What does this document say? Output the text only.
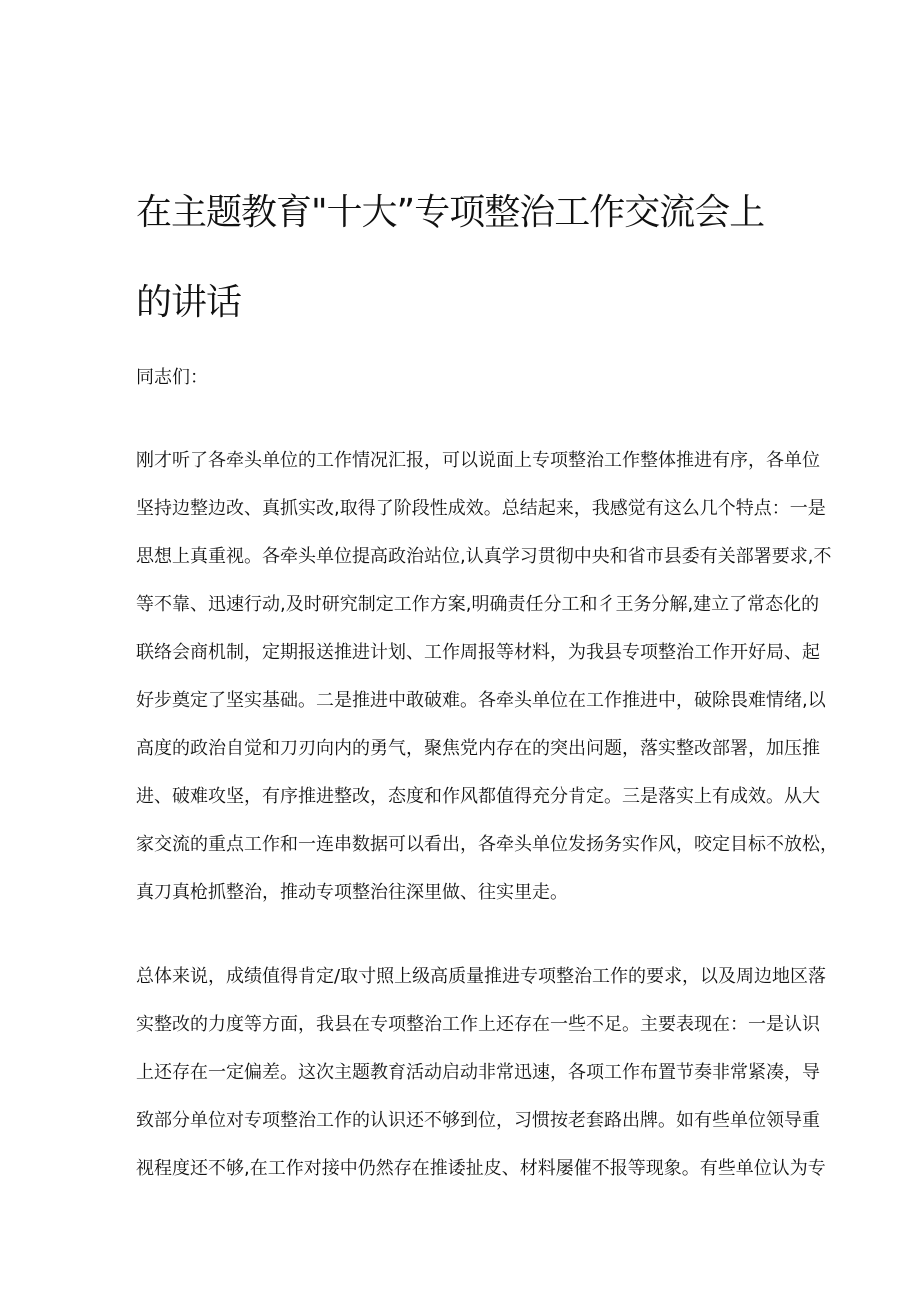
在主题教育"十大”专项整治工作交流会上
的讲话

同志们：

刚才听了各牵头单位的工作情况汇报，可以说面上专项整治工作整体推进有序，各单位
坚持边整边改、真抓实改,取得了阶段性成效。总结起来，我感觉有这么几个特点：一是
思想上真重视。各牵头单位提高政治站位,认真学习贯彻中央和省市县委有关部署要求,不
等不靠、迅速行动,及时研究制定工作方案,明确责任分工和彳王务分解,建立了常态化的
联络会商机制，定期报送推进计划、工作周报等材料，为我县专项整治工作开好局、起
好步奠定了坚实基础。二是推进中敢破难。各牵头单位在工作推进中，破除畏难情绪,以
高度的政治自觉和刀刃向内的勇气，聚焦党内存在的突出问题，落实整改部署，加压推
进、破难攻坚，有序推进整改，态度和作风都值得充分肯定。三是落实上有成效。从大
家交流的重点工作和一连串数据可以看出，各牵头单位发扬务实作风，咬定目标不放松，
真刀真枪抓整治，推动专项整治往深里做、往实里走。
总体来说，成绩值得肯定/取寸照上级高质量推进专项整治工作的要求，以及周边地区落
实整改的力度等方面，我县在专项整治工作上还存在一些不足。主要表现在：一是认识
上还存在一定偏差。这次主题教育活动启动非常迅速，各项工作布置节奏非常紧凑，导
致部分单位对专项整治工作的认识还不够到位，习惯按老套路出牌。如有些单位领导重
视程度还不够,在工作对接中仍然存在推诿扯皮、材料屡催不报等现象。有些单位认为专
